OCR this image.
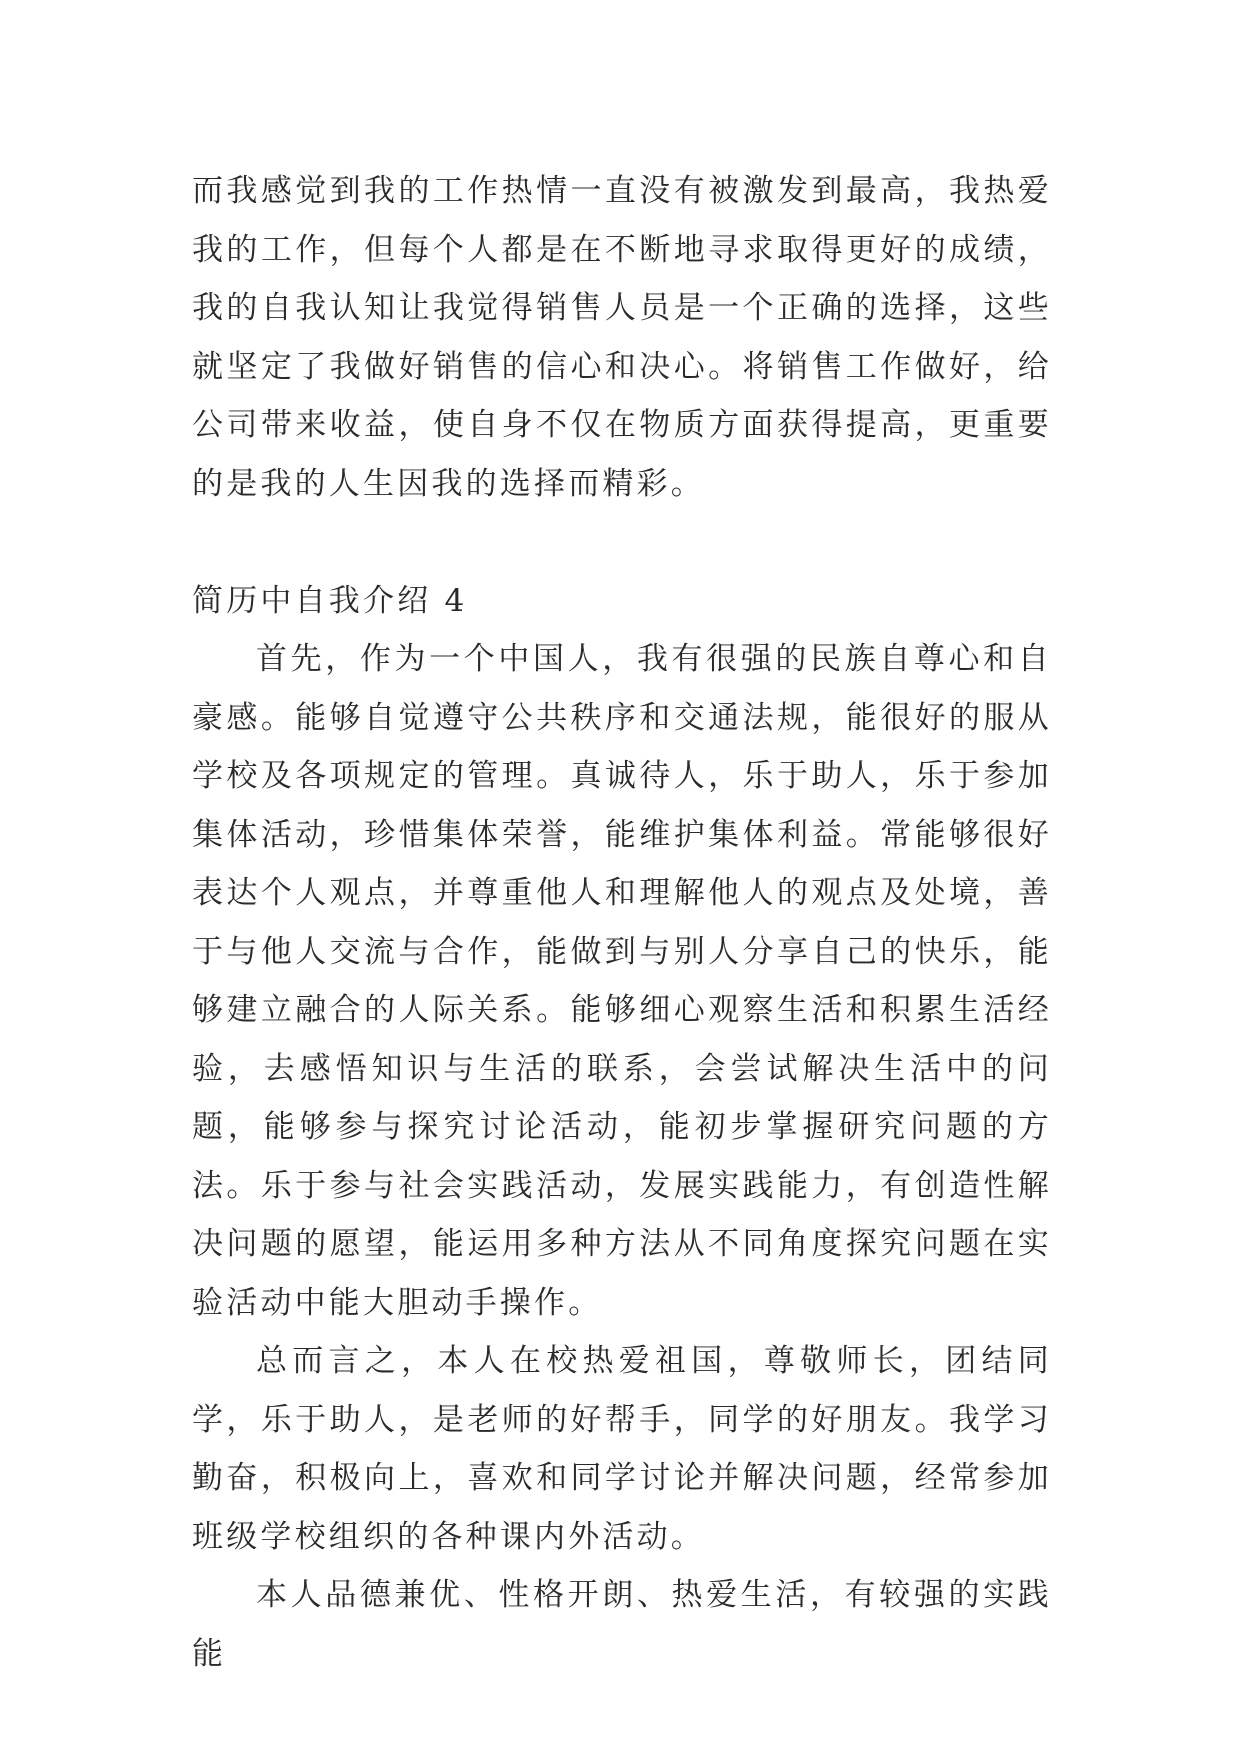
而我感觉到我的工作热情一直没有被激发到最高，我热爱我的工作，但每个人都是在不断地寻求取得更好的成绩，我的自我认知让我觉得销售人员是一个正确的选择，这些就坚定了我做好销售的信心和决心。将销售工作做好，给公司带来收益，使自身不仅在物质方面获得提高，更重要的是我的人生因我的选择而精彩。

简历中自我介绍 4

首先，作为一个中国人，我有很强的民族自尊心和自豪感。能够自觉遵守公共秩序和交通法规，能很好的服从学校及各项规定的管理。真诚待人，乐于助人，乐于参加集体活动，珍惜集体荣誉，能维护集体利益。常能够很好表达个人观点，并尊重他人和理解他人的观点及处境，善于与他人交流与合作，能做到与别人分享自己的快乐，能够建立融合的人际关系。能够细心观察生活和积累生活经验，去感悟知识与生活的联系，会尝试解决生活中的问题，能够参与探究讨论活动，能初步掌握研究问题的方法。乐于参与社会实践活动，发展实践能力，有创造性解决问题的愿望，能运用多种方法从不同角度探究问题在实验活动中能大胆动手操作。

总而言之，本人在校热爱祖国，尊敬师长，团结同学，乐于助人，是老师的好帮手，同学的好朋友。我学习勤奋，积极向上，喜欢和同学讨论并解决问题，经常参加班级学校组织的各种课内外活动。

本人品德兼优、性格开朗、热爱生活，有较强的实践能
